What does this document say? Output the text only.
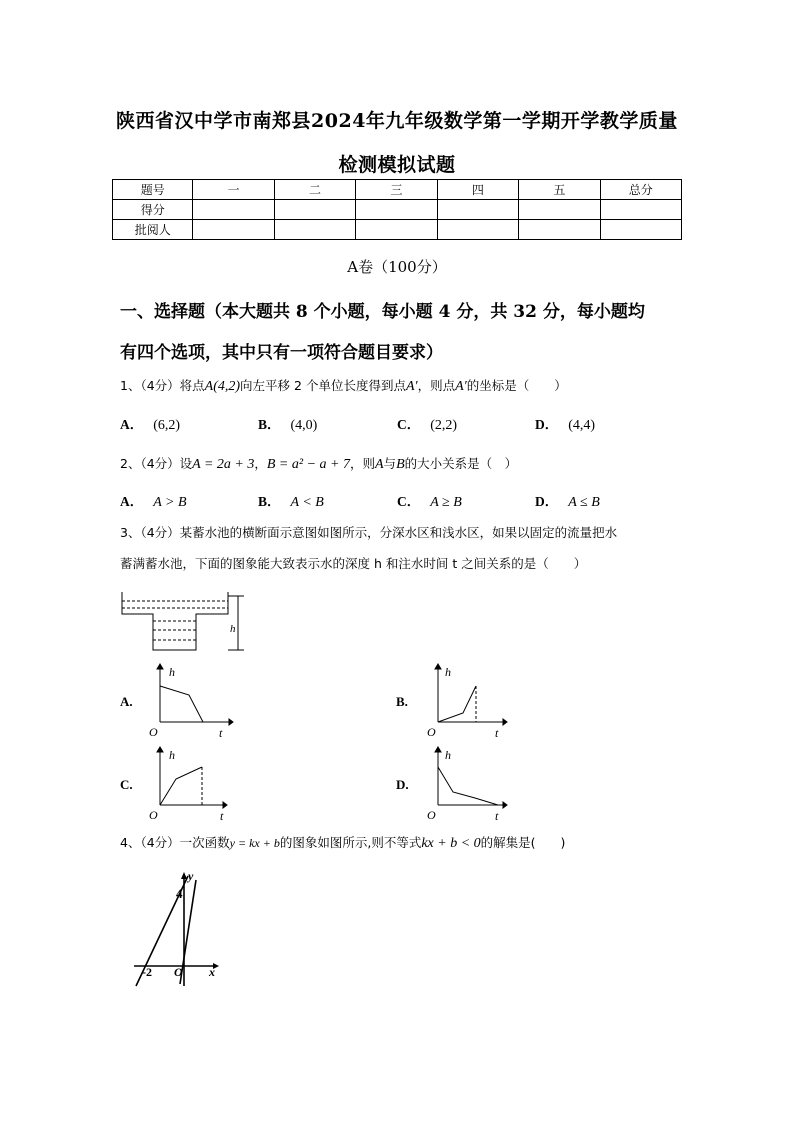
陕西省汉中学市南郑县2024年九年级数学第一学期开学教学质量
检测模拟试题
题号	一	二	三	四	五	总分
得分						
批阅人						
A卷（100分）
一、选择题（本大题共 8 个小题，每小题 4 分，共 32 分，每小题均
有四个选项，其中只有一项符合题目要求）
1、（4分）将点A(4,2)向左平移 2 个单位长度得到点A′，则点A′的坐标是（　　）
A． (6,2)	B． (4,0)	C． (2,2)	D． (4,4)
2、（4分）设A = 2a + 3，B = a² − a + 7，则A与B的大小关系是（　）
A． A > B	B． A < B	C． A ≥ B	D． A ≤ B
3、（4分）某蓄水池的横断面示意图如图所示，分深水区和浅水区，如果以固定的流量把水
蓄满蓄水池，下面的图象能大致表示水的深度 h 和注水时间 t 之间关系的是（　　）
h
A.
h
t
O
B.
h
t
O
C.
h
t
O
D.
h
t
O
4、（4分）一次函数y = kx + b的图象如图所示,则不等式kx + b < 0的解集是(　　)
y
4
-2 O x
